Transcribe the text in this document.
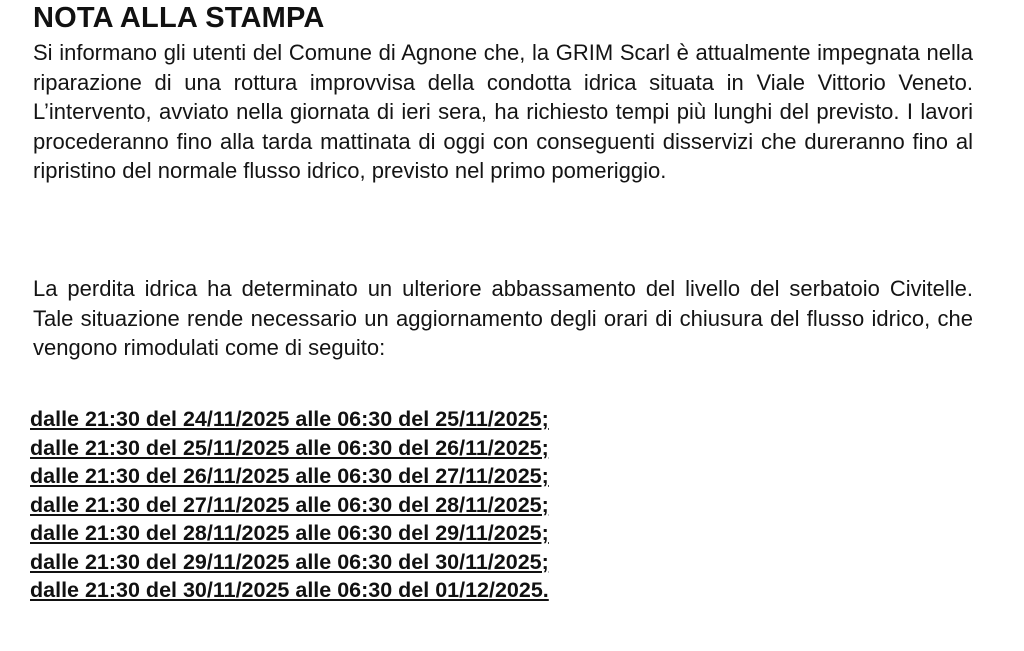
NOTA ALLA STAMPA

Si informano gli utenti del Comune di Agnone che, la GRIM Scarl è attualmente impegnata nella riparazione di una rottura improvvisa della condotta idrica situata in Viale Vittorio Veneto. L’intervento, avviato nella giornata di ieri sera, ha richiesto tempi più lunghi del previsto. I lavori procederanno fino alla tarda mattinata di oggi con conseguenti disservizi che dureranno fino al ripristino del normale flusso idrico, previsto nel primo pomeriggio.

La perdita idrica ha determinato un ulteriore abbassamento del livello del serbatoio Civitelle. Tale situazione rende necessario un aggiornamento degli orari di chiusura del flusso idrico, che vengono rimodulati come di seguito:

dalle 21:30 del 24/11/2025 alle 06:30 del 25/11/2025;
dalle 21:30 del 25/11/2025 alle 06:30 del 26/11/2025;
dalle 21:30 del 26/11/2025 alle 06:30 del 27/11/2025;
dalle 21:30 del 27/11/2025 alle 06:30 del 28/11/2025;
dalle 21:30 del 28/11/2025 alle 06:30 del 29/11/2025;
dalle 21:30 del 29/11/2025 alle 06:30 del 30/11/2025;
dalle 21:30 del 30/11/2025 alle 06:30 del 01/12/2025.
